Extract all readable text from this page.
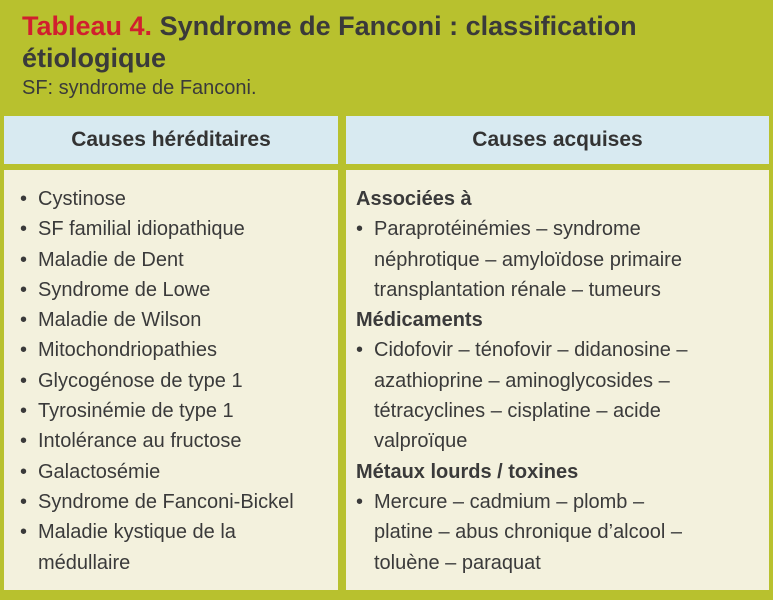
Tableau 4. Syndrome de Fanconi : classification étiologique

SF: syndrome de Fanconi.
Causes héréditaires	Causes acquises
• Cystinose
• SF familial idiopathique
• Maladie de Dent
• Syndrome de Lowe
• Maladie de Wilson
• Mitochondriopathies
• Glycogénose de type 1
• Tyrosinémie de type 1
• Intolérance au fructose
• Galactosémie
• Syndrome de Fanconi-Bickel
• Maladie kystique de la médullaire
Associées à
• Paraprotéinémies – syndrome
néphrotique – amyloïdose primaire
transplantation rénale – tumeurs
Médicaments
• Cidofovir – ténofovir – didanosine –
azathioprine – aminoglycosides –
tétracyclines – cisplatine – acide
valproïque
Métaux lourds / toxines
• Mercure – cadmium – plomb –
platine – abus chronique d’alcool –
toluène – paraquat
